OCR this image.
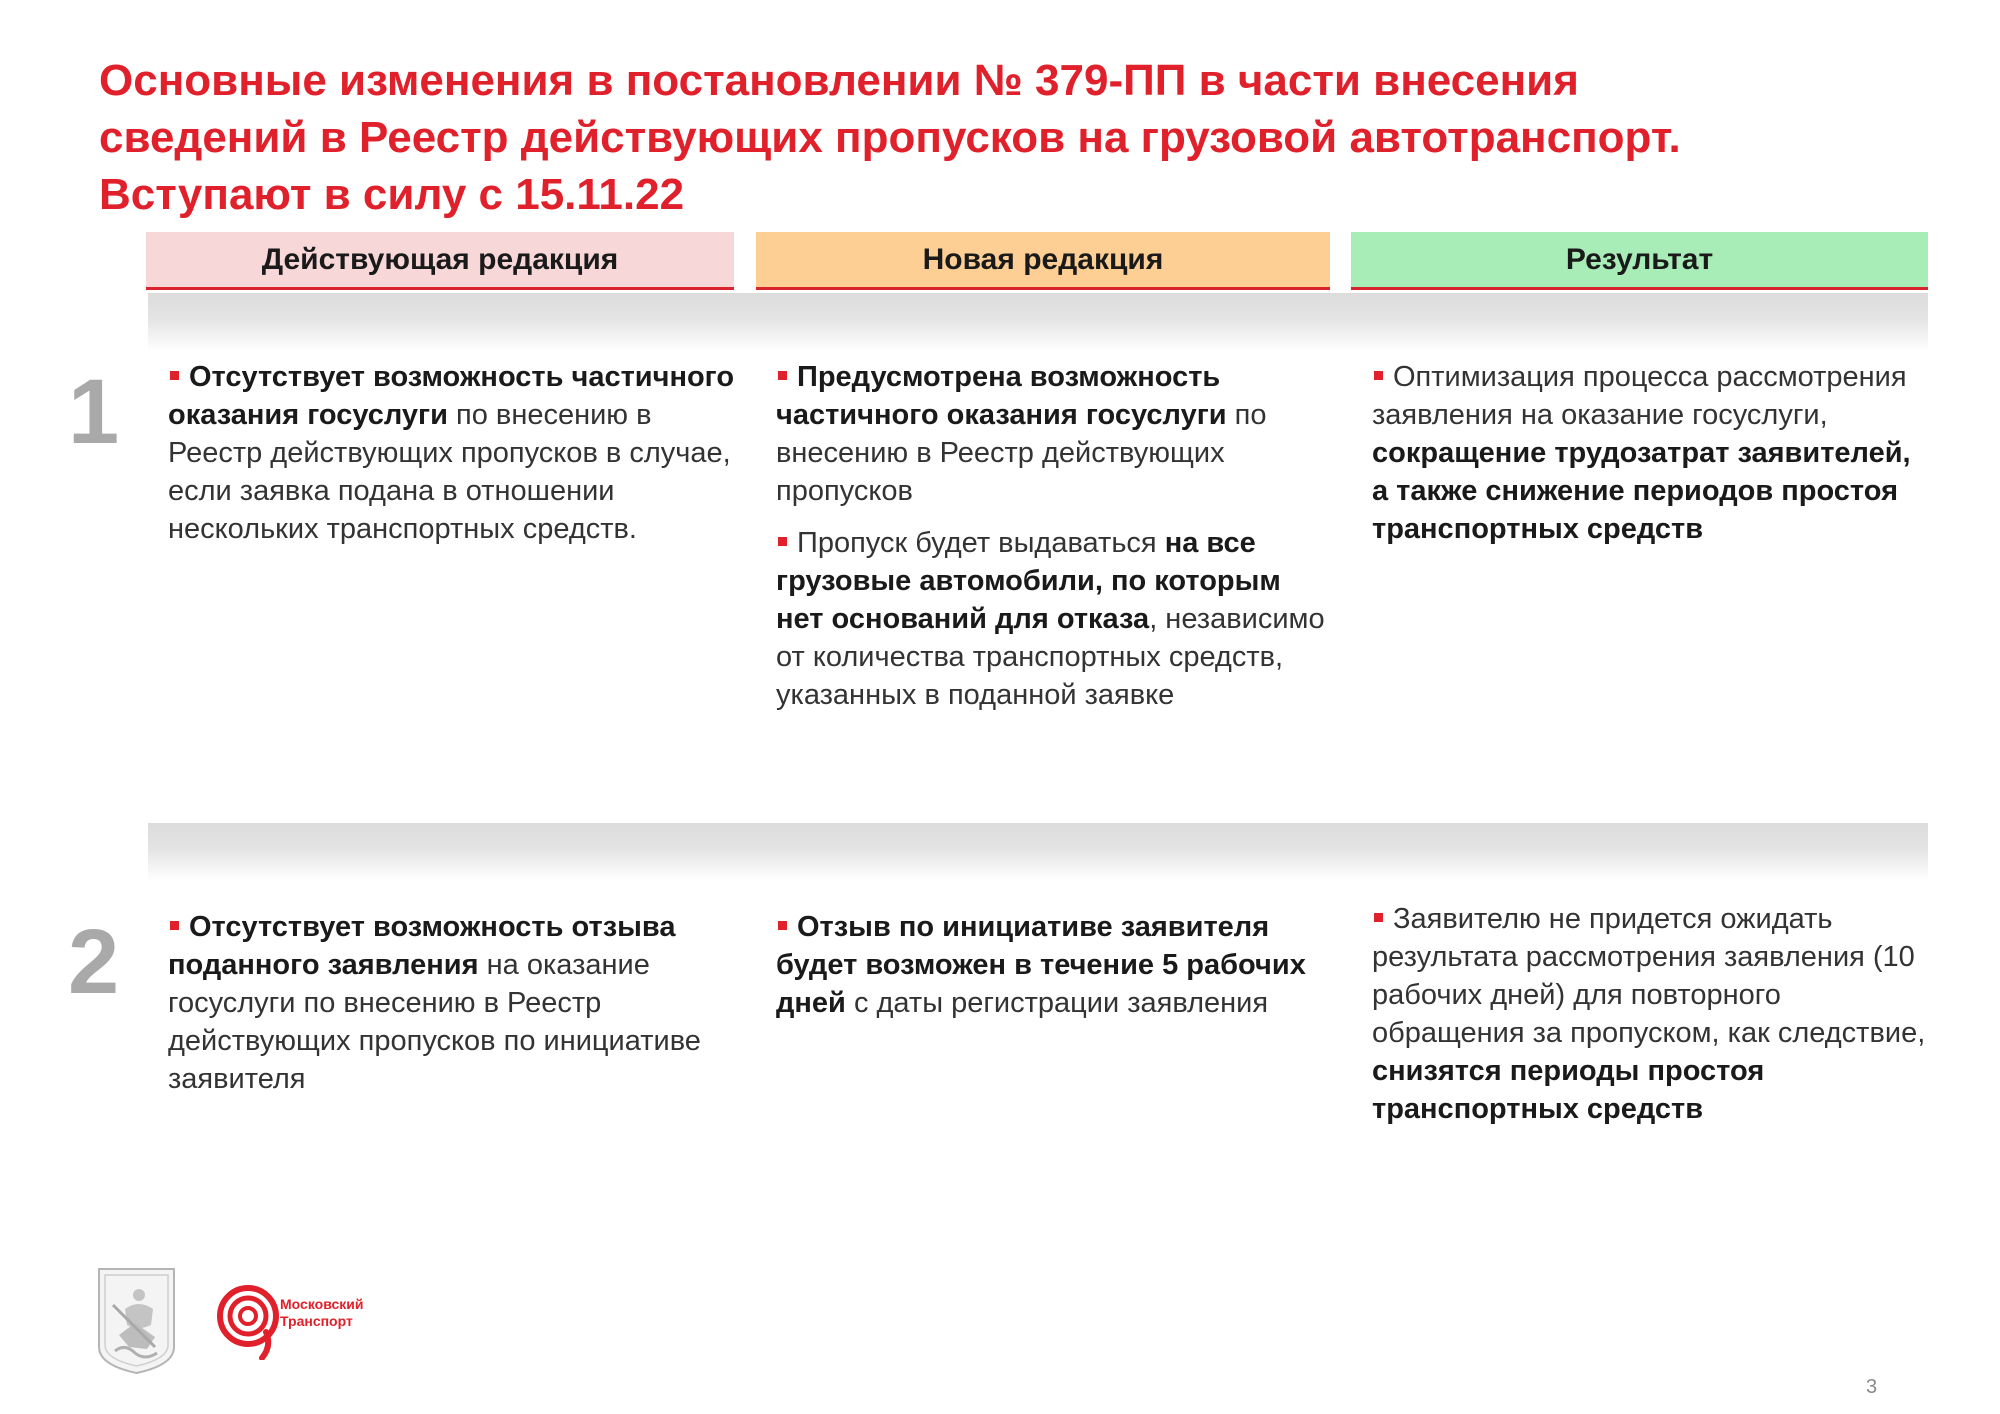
Основные изменения в постановлении № 379-ПП в части внесения
сведений в Реестр действующих пропусков на грузовой автотранспорт.
Вступают в силу с 15.11.22
Действующая редакция	Новая редакция	Результат
1
2

Отсутствует возможность частичного оказания госуслуги по внесению в Реестр действующих пропусков в случае, если заявка подана в отношении нескольких транспортных средств.

Предусмотрена возможность частичного оказания госуслуги по внесению в Реестр действующих пропусков

Пропуск будет выдаваться на все грузовые автомобили, по которым нет оснований для отказа, независимо от количества транспортных средств, указанных в поданной заявке

Оптимизация процесса рассмотрения заявления на оказание госуслуги, сокращение трудозатрат заявителей, а также снижение периодов простоя транспортных средств

Отсутствует возможность отзыва поданного заявления на оказание госуслуги по внесению в Реестр действующих пропусков по инициативе заявителя

Отзыв по инициативе заявителя будет возможен в течение 5 рабочих дней с даты регистрации заявления

Заявителю не придется ожидать результата рассмотрения заявления (10 рабочих дней) для повторного обращения за пропуском, как следствие, снизятся периоды простоя транспортных средств

Московский
Транспорт
3
